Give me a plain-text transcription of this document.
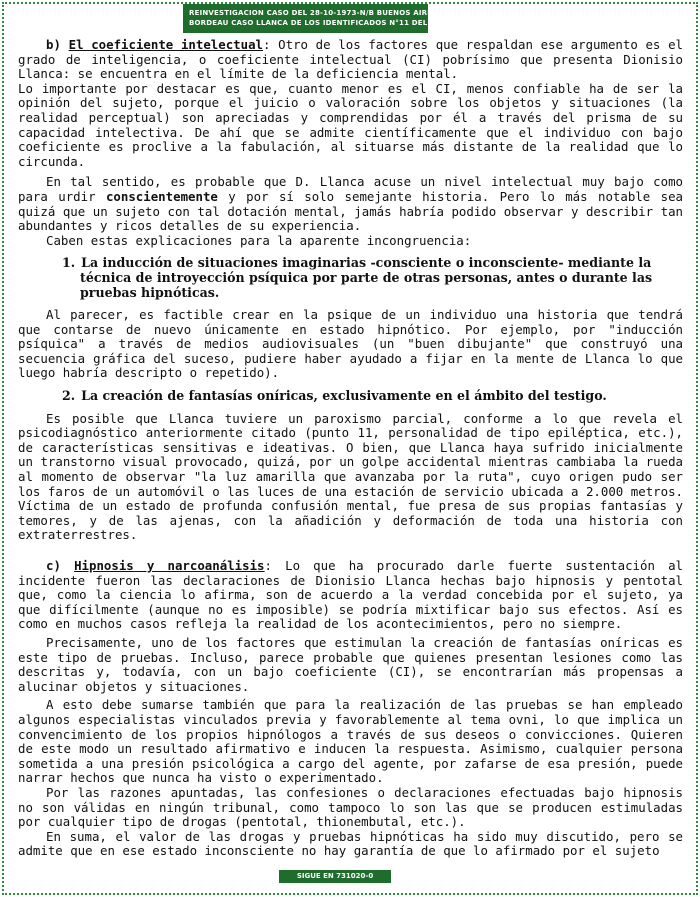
REINVESTIGACION CASO DEL 28-10-1973-N/B BUENOS AIRES VILLA
BORDEAU CASO LLANCA DE LOS IDENTIFICADOS N°11 DEL DR.J.BANCHS

b) El coeficiente intelectual: Otro de los factores que respaldan ese argumento es el grado de inteligencia, o coeficiente intelectual (CI) pobrísimo que presenta Dionisio Llanca: se encuentra en el límite de la deficiencia mental.

Lo importante por destacar es que, cuanto menor es el CI, menos confiable ha de ser la opinión del sujeto, porque el juicio o valoración sobre los objetos y situaciones (la realidad perceptual) son apreciadas y comprendidas por él a través del prisma de su capacidad intelectiva. De ahí que se admite científicamente que el individuo con bajo coeficiente es proclive a la fabulación, al situarse más distante de la realidad que lo circunda.

En tal sentido, es probable que D. Llanca acuse un nivel intelectual muy bajo como para urdir conscientemente y por sí solo semejante historia. Pero lo más notable sea quizá que un sujeto con tal dotación mental, jamás habría podido observar y describir tan abundantes y ricos detalles de su experiencia.

Caben estas explicaciones para la aparente incongruencia:

1. La inducción de situaciones imaginarias -consciente o inconsciente- mediante la técnica de introyección psíquica por parte de otras personas, antes o durante las pruebas hipnóticas.

Al parecer, es factible crear en la psique de un individuo una historia que tendrá que contarse de nuevo únicamente en estado hipnótico. Por ejemplo, por "inducción psíquica" a través de medios audiovisuales (un "buen dibujante" que construyó una secuencia gráfica del suceso, pudiere haber ayudado a fijar en la mente de Llanca lo que luego habría descripto o repetido).

2. La creación de fantasías oníricas, exclusivamente en el ámbito del testigo.

Es posible que Llanca tuviere un paroxismo parcial, conforme a lo que revela el psicodiagnóstico anteriormente citado (punto 11, personalidad de tipo epiléptica, etc.), de características sensitivas e ideativas. O bien, que Llanca haya sufrido inicialmente un transtorno visual provocado, quizá, por un golpe accidental mientras cambiaba la rueda al momento de observar "la luz amarilla que avanzaba por la ruta", cuyo origen pudo ser los faros de un automóvil o las luces de una estación de servicio ubicada a 2.000 metros. Víctima de un estado de profunda confusión mental, fue presa de sus propias fantasías y temores, y de las ajenas, con la añadición y deformación de toda una historia con extraterrestres.

c) Hipnosis y narcoanálisis: Lo que ha procurado darle fuerte sustentación al incidente fueron las declaraciones de Dionisio Llanca hechas bajo hipnosis y pentotal que, como la ciencia lo afirma, son de acuerdo a la verdad concebida por el sujeto, ya que difícilmente (aunque no es imposible) se podría mixtificar bajo sus efectos. Así es como en muchos casos refleja la realidad de los acontecimientos, pero no siempre.

Precisamente, uno de los factores que estimulan la creación de fantasías oníricas es este tipo de pruebas. Incluso, parece probable que quienes presentan lesiones como las descritas y, todavía, con un bajo coeficiente (CI), se encontrarían más propensas a alucinar objetos y situaciones.

A esto debe sumarse también que para la realización de las pruebas se han empleado algunos especialistas vinculados previa y favorablemente al tema ovni, lo que implica un convencimiento de los propios hipnólogos a través de sus deseos o convicciones. Quieren de este modo un resultado afirmativo e inducen la respuesta. Asimismo, cualquier persona sometida a una presión psicológica a cargo del agente, por zafarse de esa presión, puede narrar hechos que nunca ha visto o experimentado.

Por las razones apuntadas, las confesiones o declaraciones efectuadas bajo hipnosis no son válidas en ningún tribunal, como tampoco lo son las que se producen estimuladas por cualquier tipo de drogas (pentotal, thionembutal, etc.).

En suma, el valor de las drogas y pruebas hipnóticas ha sido muy discutido, pero se admite que en ese estado inconsciente no hay garantía de que lo afirmado por el sujeto

SIGUE EN 731020-0
